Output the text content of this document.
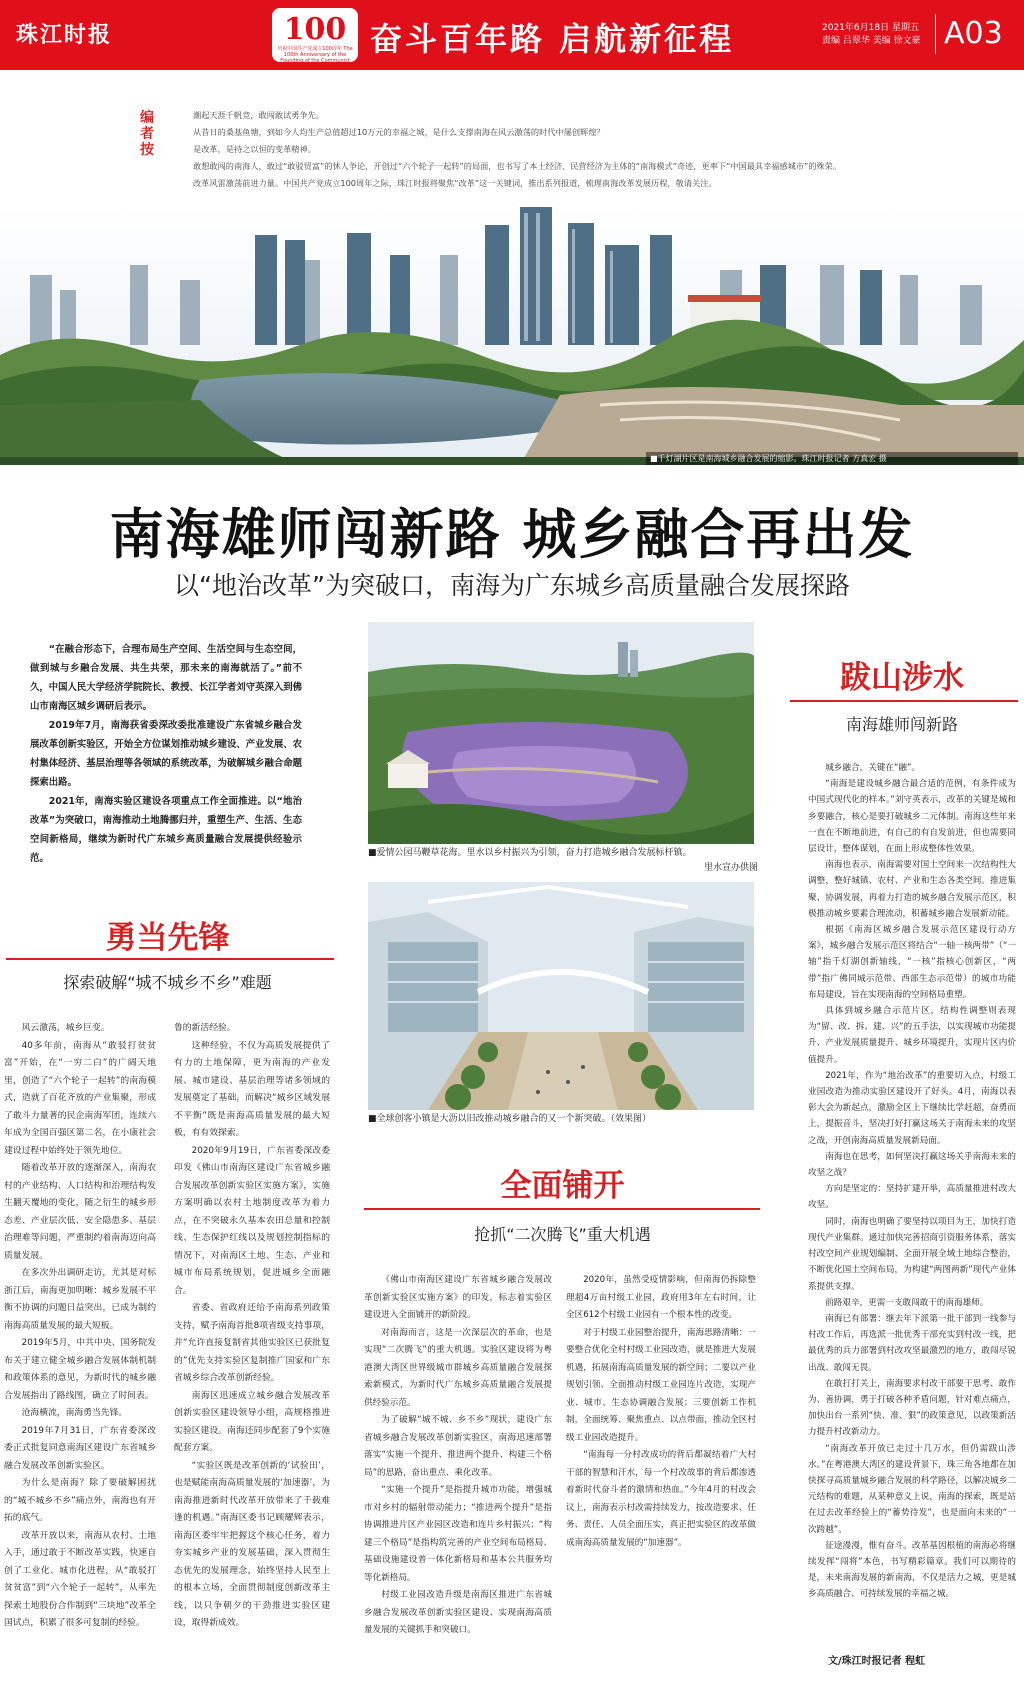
珠江时报	100
庆祝中国共产党成立100周年 The 100th Anniversary of the Founding of the Communist Party of China
奋斗百年路 启航新征程	2021年6月18日 星期五
责编 吕翠华 美编 徐文豪 A03
编者按
潮起天涯千帆竞，敢闯敢试勇争先。
从昔日的桑基鱼塘，到如今人均生产总值超过10万元的幸福之城，是什么支撑南海在风云激荡的时代中屡创辉煌？
是改革，是持之以恒的变革精神。
敢想敢闯的南海人，敢过“敢驳贸富”的怵人争论，开创过“六个轮子一起转”的局面，也书写了本土经济、民营经济为主体的“南海模式”奇迹，更率下“中国最具幸福感城市”的殊荣。
改革风雷激荡前进力量。中国共产党成立100周年之际，珠江时报将聚焦“改革”这一关键词，推出系列报道，梳理南海改革发展历程，敬请关注。
■千灯湖片区是南海城乡融合发展的缩影。珠江时报记者 方真宏 摄
南海雄师闯新路 城乡融合再出发
以“地治改革”为突破口，南海为广东城乡高质量融合发展探路

“在融合形态下，合理布局生产空间、生活空间与生态空间，做到城与乡融合发展、共生共荣，那未来的南海就活了。”前不久，中国人民大学经济学院院长、教授、长江学者刘守英深入到佛山市南海区城乡调研后表示。

2019年7月，南海获省委深改委批准建设广东省城乡融合发展改革创新实验区，开始全方位谋划推动城乡建设、产业发展、农村集体经济、基层治理等各领域的系统改革，为破解城乡融合命题探索出路。

2021年，南海实验区建设各项重点工作全面推进。以“地治改革”为突破口，南海推动土地腾挪归并，重塑生产、生活、生态空间新格局，继续为新时代广东城乡高质量融合发展提供经验示范。

勇当先锋
探索破解“城不城乡不乡”难题

风云激荡，城乡巨变。

40多年前，南海从“敢驳打贫贫富”开始，在“一穷二白”的广阔天地里，创造了“六个轮子一起转”的南海模式，造就了百花齐放的产业集聚，形成了敢斗力量著的民企南海军团，连续六年成为全国百强区第二名，在小康社会建设过程中始终处于领先地位。

随着改革开放的逐渐深入，南海农村的产业结构、人口结构和治理结构发生翻天覆地的变化，随之衍生的城乡形态差、产业层次低、安全隐患多、基层治理难等问题，严重制约着南海迈向高质量发展。

在多次外出调研走访，尤其是对标浙江后，南海更加明晰：城乡发展不平衡不协调的问题日益突出，已成为制约南海高质量发展的最大短板。

2019年5月，中共中央、国务院发布关于建立健全城乡融合发展体制机制和政策体系的意见，为新时代的城乡融合发展指出了路线图，确立了时间表。

沧海横流，南海勇当先锋。

2019年7月31日，广东省委深改委正式批复同意南海区建设广东省城乡融合发展改革创新实验区。

为什么是南海？除了要破解困扰的“城不城乡不乡”痛点外，南海也有开拓的底气。

改革开放以来，南海从农村、土地入手，通过敢于不断改革实践，快速自创了工业化、城市化进程，从“敢驳打贫贫富”到“六个轮子一起转”，从率先探索土地股份合作制到“三块地”改革全国试点，积累了很多可复制的经验。

鲁的新活经验。

这种经验，不仅为高质发展提供了有力的土地保障，更为南海的产业发展、城市建设、基层治理等诸多领域的发展奠定了基础，而解决“城乡区域发展不平衡”既是南海高质量发展的最大短板，有有效探索。

2020年9月19日，广东省委深改委印发《佛山市南海区建设广东省城乡融合发展改革创新实验区实施方案》，实施方案明确以农村土地制度改革为着力点，在不突破永久基本农田总量和控制线、生态保护红线以及规划控制指标的情况下，对南海区土地、生态、产业和城市布局系统规划，促进城乡全面融合。

省委、省政府还给予南海系列政策支持，赋予南海首批8项省级支持事项，并“允许直接复制省其他实验区已获批复的”优先支持实验区复制推广国家和广东省城乡综合改革创新经验。

南海区迅速成立城乡融合发展改革创新实验区建设领导小组，高规格推进实验区建设。南海还同步配套了9个实施配套方案。

“实验区既是改革创新的‘试验田’，也是赋能南海高质量发展的‘加速器’，为南海推进新时代改革开放带来了千载难逢的机遇。”南海区委书记顾耀辉表示，南海区委牢牢把握这个核心任务，着力夯实城乡产业的发展基础，深入贯彻生态优先的发展理念，始终坚持人民至上的根本立场，全面贯彻制度创新改革主线，以只争朝夕的干劲推进实验区建设，取得新成效。

■爱情公园马鞭草花海。里水以乡村振兴为引领，奋力打造城乡融合发展标杆镇。
里水宣办供图
■全球创客小镇是大沥以旧改推动城乡融合的又一个新突破。（效果图）
全面铺开
抢抓“二次腾飞”重大机遇

《佛山市南海区建设广东省城乡融合发展改革创新实验区实施方案》的印发，标志着实验区建设进入全面铺开的新阶段。

对南海而言，这是一次深层次的革命，也是实现“二次腾飞”的重大机遇。实验区建设将为粤港澳大湾区世界级城市群城乡高质量融合发展探索新模式，为新时代广东城乡高质量融合发展提供经验示范。

为了破解“城不城、乡不乡”现状，建设广东省城乡融合发展改革创新实验区，南海迅速部署落实“实施一个提升、推进两个提升、构建三个格局”的思路，奋出重点、乘化改革。

“实施一个提升”是指提升城市功能，增强城市对乡村的辐射带动能力；“推进两个提升”是指协调推进片区产业园区改造和连片乡村振兴；“构建三个格局”是指构筑完善的产业空间布局格局、基础设施建设普一体化新格局和基本公共服务均等化新格局。

村级工业园改造升级是南海区推进广东省城乡融合发展改革创新实验区建设、实现南海高质量发展的关键抓手和突破口。

2020年，虽然受疫情影响，但南海仍拆除整理超4万亩村级工业园，政府用3年左右时间，让全区612个村级工业园有一个根本性的改变。

对于村级工业园整治提升，南海思路清晰：一要整合优化全村村级工业园改造，就是推进大发展机遇，拓展南海高质量发展的新空间；二要以产业规划引领、全面推动村级工业园连片改造，实现产业、城市、生态协调融合发展；三要创新工作机制，全面统筹、聚焦重点、以点带面，推动全区村级工业园改造提升。

“南海每一分村改成功的背后都凝结着广大村干部的智慧和汗水，每一个村改故事的背后都渗透着新时代奋斗者的激情和热血。”今年4月的村改会议上，南海表示村改需持续发力，按改造要求、任务、责任、人员全面压实，真正把实验区的改革做成南海高质量发展的“加速器”。

跋山涉水
南海雄师闯新路

城乡融合，关键在“融”。

“南海是建设城乡融合最合适的范例，有条件成为中国式现代化的样本。”刘守英表示，改革的关键是城和乡要融合，核心是要打破城乡二元体制。南海这些年来一直在不断地前进，有自己的有自发前进，但也需要同层设计，整体谋划，在面上形成整体性效果。

南海也表示，南海需要对国土空间来一次结构性大调整，整好城镇、农村、产业和生态各类空间。推进集聚、协调发展，再着力打造的城乡融合发展示范区，积极推动城乡要素合理流动，积蓄城乡融合发展新动能。

根据《南海区城乡融合发展示范区建设行动方案》，城乡融合发展示范区将结合“一轴一核两带”（“一轴”指千灯湖创新轴线，“一核”指核心创新区，“两带”指广佛同城示范带、西部生态示范带）的城市功能布局建设，旨在实现南海的空间格局重塑。

具体到城乡融合示范片区，结构性调整则表现为“留、改、拆、建、兴”的五手法，以实现城市功能提升、产业发展质量提升、城乡环境提升，实现片区内价值提升。

2021年，作为“地治改革”的重要切入点，村级工业园改造为推动实验区建设开了好头。4月，南海以表彰大会为新起点，激励全区上下继续比学赶超，奋勇而上，提振音斗，坚决打好打赢这场关于南海未来的攻坚之战，开创南海高质量发展新局面。

南海也在思考，如何坚决打赢这场关乎南海未来的攻坚之战？

方向是坚定的：坚持扩建开举，高质量推进村改大攻坚。

同时，南海也明确了要坚持以项目为王，加快打造现代产业集群。通过加快完善招商引资服务体系，落实村改空间产业规划编制、全面开展全域土地综合整治，不断优化国土空间布局，为构建“两图两新”现代产业体系提供支撑。

前路艰辛，更需一支敢闯敢干的南海雄师。

南海已有部署：继去年下派第一批干部到一线参与村改工作后，再选派一批优秀干部充实到村改一线，把最优秀的兵力部署到村改攻坚最激烈的地方，敢闯尽锐出战、敢闯无畏。

在敢打打关上，南海要求村改干部要干思考、敢作为、善协调，勇于打破各种矛盾问题，针对难点痛点，加快出台一系列“快、准、狠”的政策意见，以政策新活力提升村改新动力。

“南海改革开放已走过十几万水，但仍需跋山涉水。”在粤港澳大湾区的建设背景下，珠三角各地都在加快探寻高质量城乡融合发展的科学路径，以解决城乡二元结构的难题，从某种意义上说，南海的探索，既是站在过去改革经验上的“蓄势待发”，也是面向未来的“一次跨越”。

征途漫漫，惟有奋斗。改革基因根植的南海必将继续发挥“闯将”本色，书写精彩篇章。我们可以期待的是，未来南海发展的新南海，不仅是活力之城，更是城乡高质融合、可持续发展的幸福之城。

文/珠江时报记者 程虹
